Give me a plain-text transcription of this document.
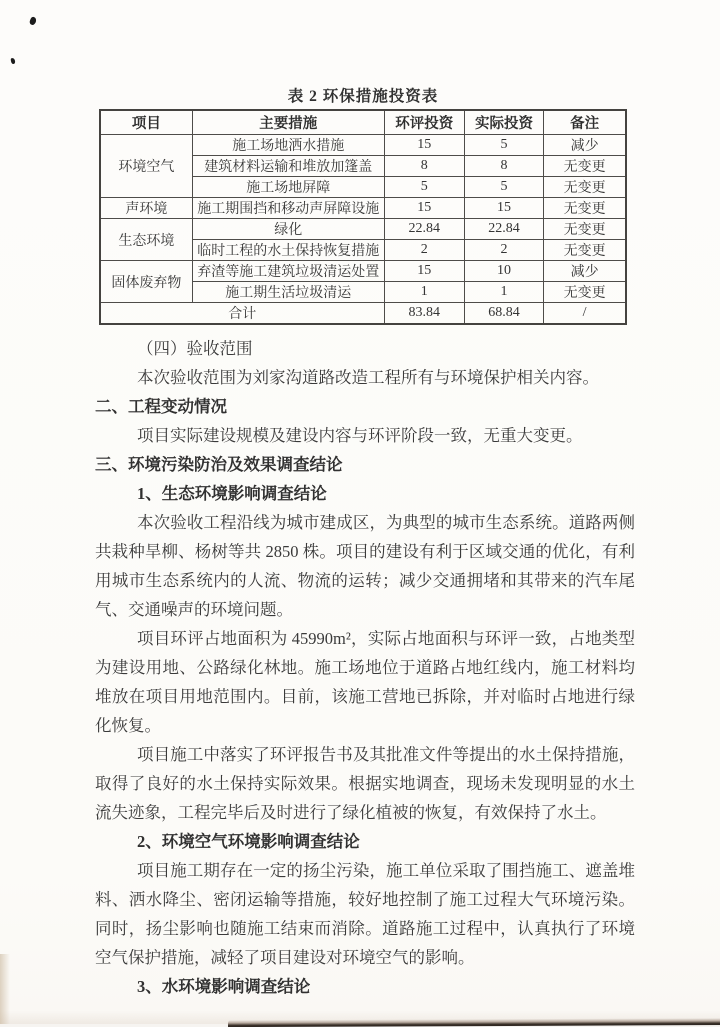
表 2 环保措施投资表
项目	主要措施	环评投资	实际投资	备注
环境空气	施工场地洒水措施	15	5	减少
	建筑材料运输和堆放加篷盖	8	8	无变更
	施工场地屏障	5	5	无变更
声环境	施工期围挡和移动声屏障设施	15	15	无变更
生态环境	绿化	22.84	22.84	无变更
	临时工程的水土保持恢复措施	2	2	无变更
固体废弃物	弃渣等施工建筑垃圾清运处置	15	10	减少
	施工期生活垃圾清运	1	1	无变更
合计		83.84	68.84	/
（四）验收范围
本次验收范围为刘家沟道路改造工程所有与环境保护相关内容。
二、工程变动情况
项目实际建设规模及建设内容与环评阶段一致，无重大变更。
三、环境污染防治及效果调查结论
1、生态环境影响调查结论
本次验收工程沿线为城市建成区，为典型的城市生态系统。道路两侧共栽种旱柳、杨树等共 2850 株。项目的建设有利于区域交通的优化，有利用城市生态系统内的人流、物流的运转；减少交通拥堵和其带来的汽车尾气、交通噪声的环境问题。
项目环评占地面积为 45990m²，实际占地面积与环评一致，占地类型为建设用地、公路绿化林地。施工场地位于道路占地红线内，施工材料均堆放在项目用地范围内。目前，该施工营地已拆除，并对临时占地进行绿化恢复。
项目施工中落实了环评报告书及其批准文件等提出的水土保持措施，取得了良好的水土保持实际效果。根据实地调查，现场未发现明显的水土流失迹象，工程完毕后及时进行了绿化植被的恢复，有效保持了水土。
2、环境空气环境影响调查结论
项目施工期存在一定的扬尘污染，施工单位采取了围挡施工、遮盖堆料、洒水降尘、密闭运输等措施，较好地控制了施工过程大气环境污染。同时，扬尘影响也随施工结束而消除。道路施工过程中，认真执行了环境空气保护措施，减轻了项目建设对环境空气的影响。
3、水环境影响调查结论
